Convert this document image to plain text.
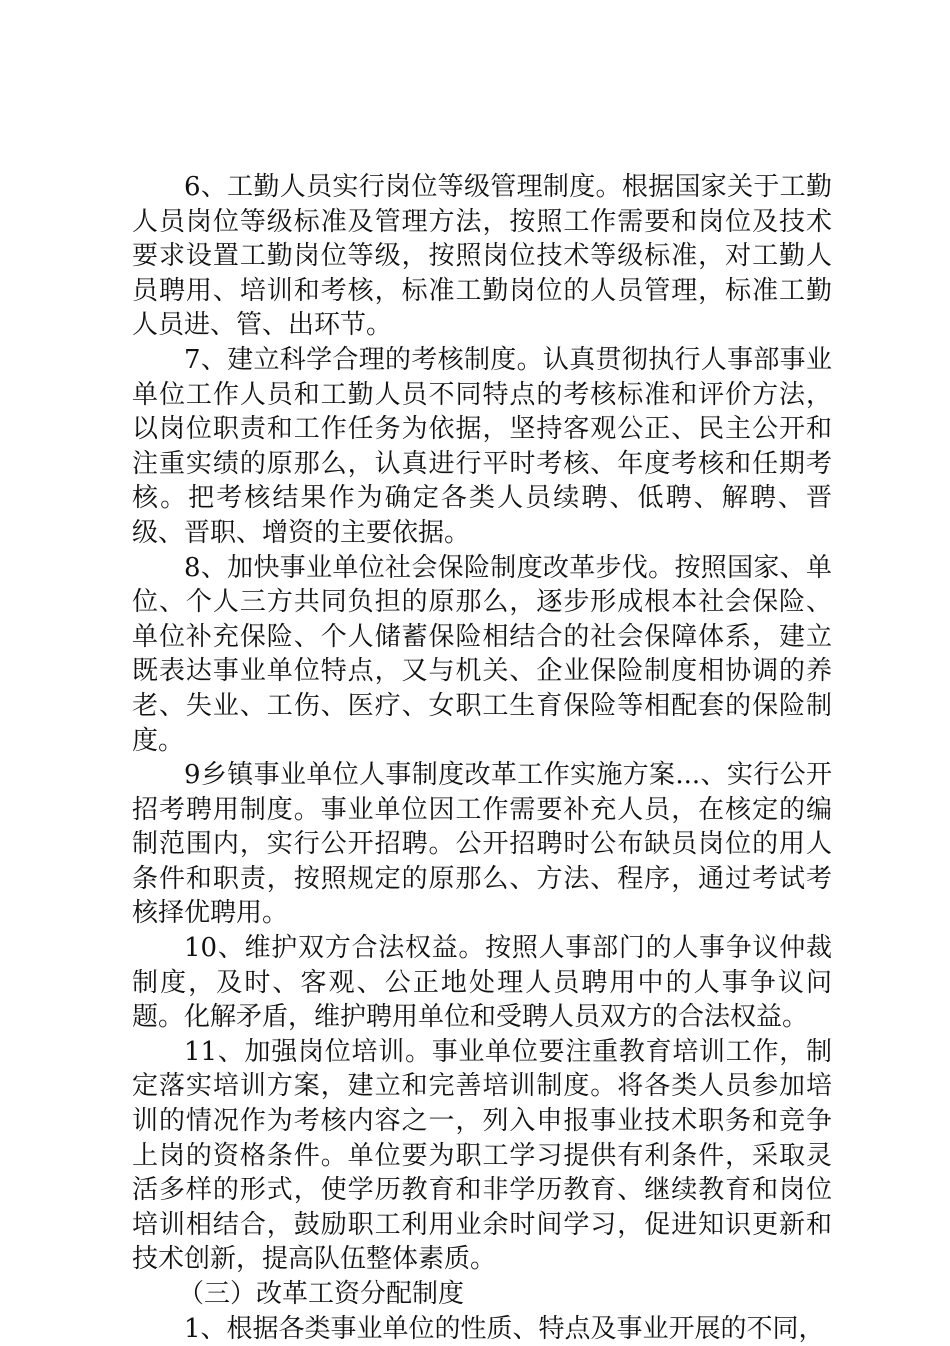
6、工勤人员实行岗位等级管理制度。根据国家关于工勤人员岗位等级标准及管理方法，按照工作需要和岗位及技术要求设置工勤岗位等级，按照岗位技术等级标准，对工勤人员聘用、培训和考核，标准工勤岗位的人员管理，标准工勤人员进、管、出环节。

7、建立科学合理的考核制度。认真贯彻执行人事部事业单位工作人员和工勤人员不同特点的考核标准和评价方法，以岗位职责和工作任务为依据，坚持客观公正、民主公开和注重实绩的原那么，认真进行平时考核、年度考核和任期考核。把考核结果作为确定各类人员续聘、低聘、解聘、晋级、晋职、增资的主要依据。

8、加快事业单位社会保险制度改革步伐。按照国家、单位、个人三方共同负担的原那么，逐步形成根本社会保险、单位补充保险、个人储蓄保险相结合的社会保障体系，建立既表达事业单位特点，又与机关、企业保险制度相协调的养老、失业、工伤、医疗、女职工生育保险等相配套的保险制度。

9乡镇事业单位人事制度改革工作实施方案...、实行公开招考聘用制度。事业单位因工作需要补充人员，在核定的编制范围内，实行公开招聘。公开招聘时公布缺员岗位的用人条件和职责，按照规定的原那么、方法、程序，通过考试考核择优聘用。

10、维护双方合法权益。按照人事部门的人事争议仲裁制度，及时、客观、公正地处理人员聘用中的人事争议问题。化解矛盾，维护聘用单位和受聘人员双方的合法权益。

11、加强岗位培训。事业单位要注重教育培训工作，制定落实培训方案，建立和完善培训制度。将各类人员参加培训的情况作为考核内容之一，列入申报事业技术职务和竞争上岗的资格条件。单位要为职工学习提供有利条件，采取灵活多样的形式，使学历教育和非学历教育、继续教育和岗位培训相结合，鼓励职工利用业余时间学习，促进知识更新和技术创新，提高队伍整体素质。

（三）改革工资分配制度

1、根据各类事业单位的性质、特点及事业开展的不同，
